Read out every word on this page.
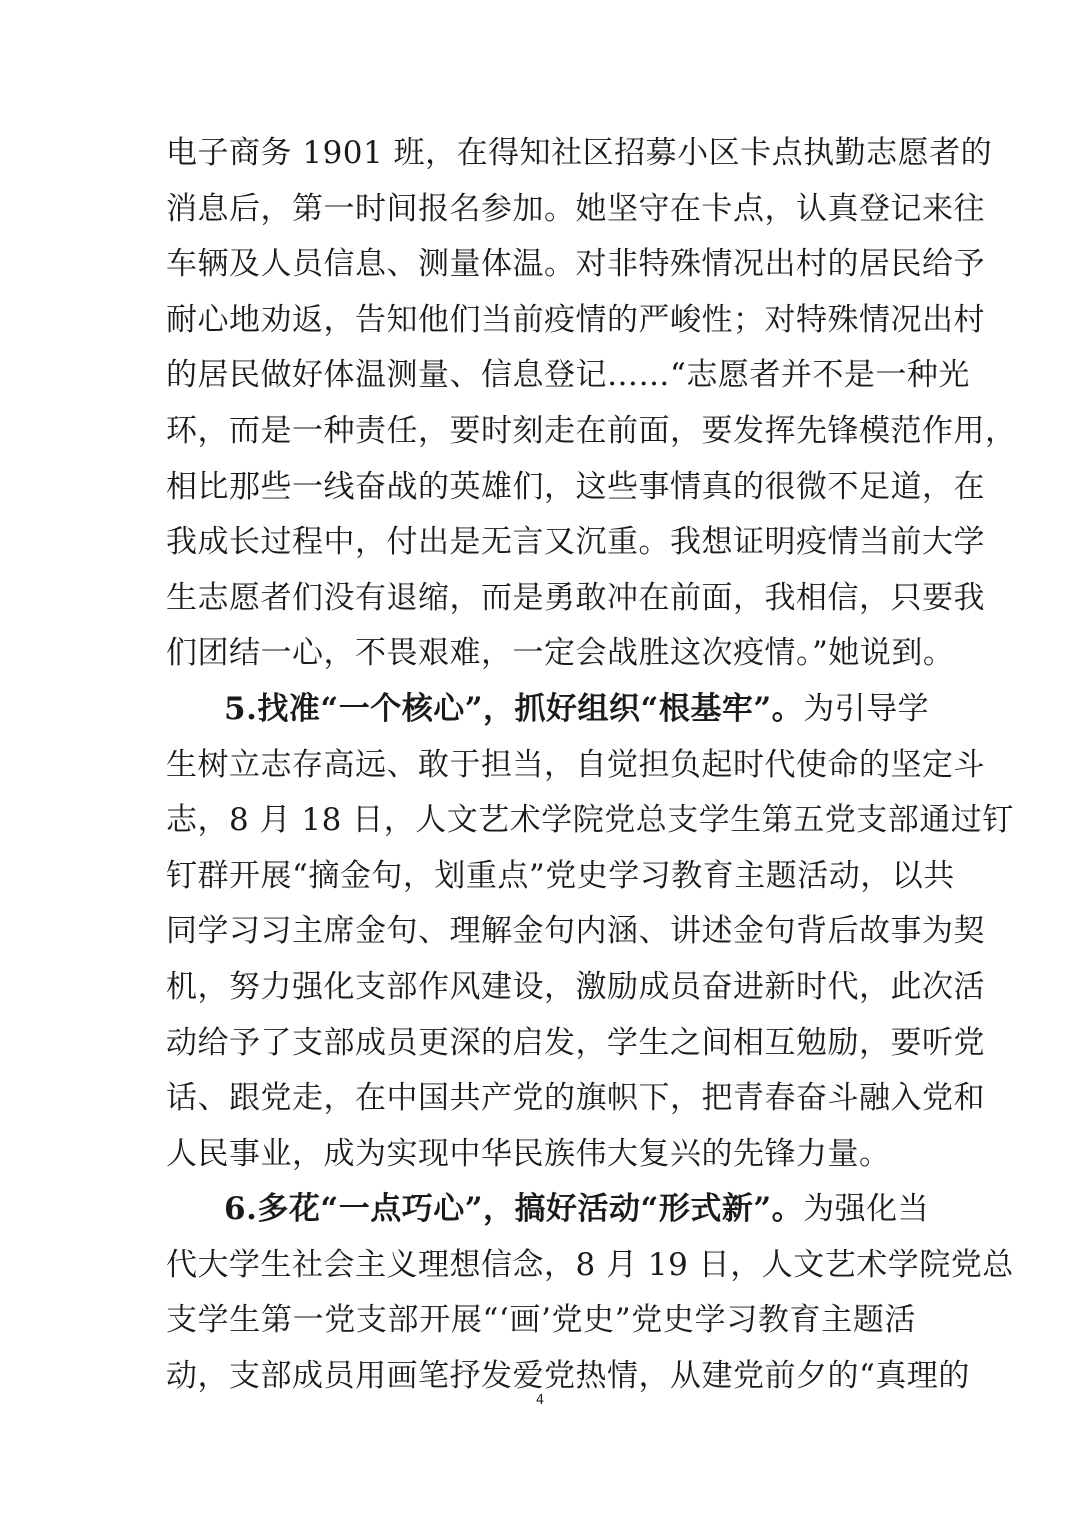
电子商务 1901 班，在得知社区招募小区卡点执勤志愿者的
消息后，第一时间报名参加。她坚守在卡点，认真登记来往
车辆及人员信息、测量体温。对非特殊情况出村的居民给予
耐心地劝返，告知他们当前疫情的严峻性；对特殊情况出村
的居民做好体温测量、信息登记……“志愿者并不是一种光
环，而是一种责任，要时刻走在前面，要发挥先锋模范作用，
相比那些一线奋战的英雄们，这些事情真的很微不足道，在
我成长过程中，付出是无言又沉重。我想证明疫情当前大学
生志愿者们没有退缩，而是勇敢冲在前面，我相信，只要我
们团结一心，不畏艰难，一定会战胜这次疫情。”她说到。
5.找准“一个核心”，抓好组织“根基牢”。为引导学
生树立志存高远、敢于担当，自觉担负起时代使命的坚定斗
志，8 月 18 日，人文艺术学院党总支学生第五党支部通过钉
钉群开展“摘金句，划重点”党史学习教育主题活动，以共
同学习习主席金句、理解金句内涵、讲述金句背后故事为契
机，努力强化支部作风建设，激励成员奋进新时代，此次活
动给予了支部成员更深的启发，学生之间相互勉励，要听党
话、跟党走，在中国共产党的旗帜下，把青春奋斗融入党和
人民事业，成为实现中华民族伟大复兴的先锋力量。
6.多花“一点巧心”，搞好活动“形式新”。为强化当
代大学生社会主义理想信念，8 月 19 日，人文艺术学院党总
支学生第一党支部开展“‘画’党史”党史学习教育主题活
动，支部成员用画笔抒发爱党热情，从建党前夕的“真理的
4
